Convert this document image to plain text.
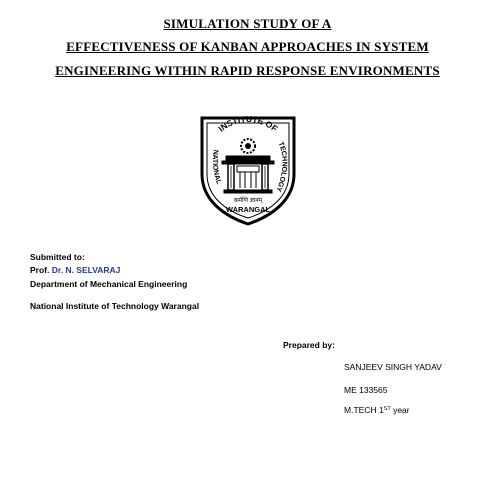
SIMULATION STUDY OF A
EFFECTIVENESS OF KANBAN APPROACHES IN SYSTEM
ENGINEERING WITHIN RAPID RESPONSE ENVIRONMENTS
INSTITUTE OF
NATIONAL
TECHNOLOGY
कर्मणि ज्ञानम्
WARANGAL
Submitted to:
Prof. Dr. N. SELVARAJ
Department of Mechanical Engineering
National Institute of Technology Warangal
Prepared by:
SANJEEV SINGH YADAV
ME 133565
M.TECH 1ST year
